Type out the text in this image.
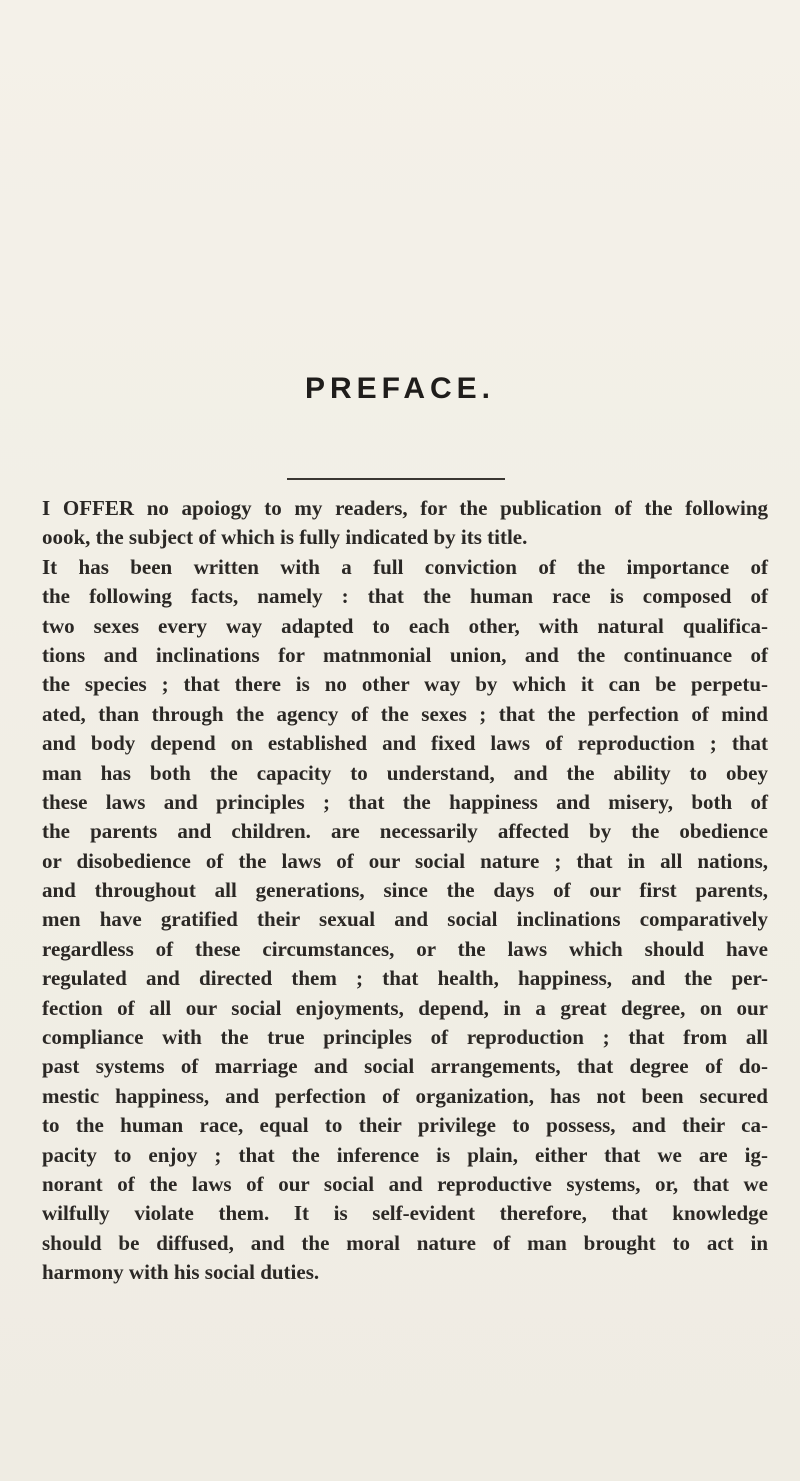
PREFACE.
I OFFER no apoiogy to my readers, for the publication of the following
oook, the subject of which is fully indicated by its title.
It has been written with a full conviction of the importance of
the following facts, namely : that the human race is composed of
two sexes every way adapted to each other, with natural qualifica-
tions and inclinations for matnmonial union, and the continuance of
the species ; that there is no other way by which it can be perpetu-
ated, than through the agency of the sexes ; that the perfection of mind
and body depend on established and fixed laws of reproduction ; that
man has both the capacity to understand, and the ability to obey
these laws and principles ; that the happiness and misery, both of
the parents and children. are necessarily affected by the obedience
or disobedience of the laws of our social nature ; that in all nations,
and throughout all generations, since the days of our first parents,
men have gratified their sexual and social inclinations comparatively
regardless of these circumstances, or the laws which should have
regulated and directed them ; that health, happiness, and the per-
fection of all our social enjoyments, depend, in a great degree, on our
compliance with the true principles of reproduction ; that from all
past systems of marriage and social arrangements, that degree of do-
mestic happiness, and perfection of organization, has not been secured
to the human race, equal to their privilege to possess, and their ca-
pacity to enjoy ; that the inference is plain, either that we are ig-
norant of the laws of our social and reproductive systems, or, that we
wilfully violate them. It is self-evident therefore, that knowledge
should be diffused, and the moral nature of man brought to act in
harmony with his social duties.
